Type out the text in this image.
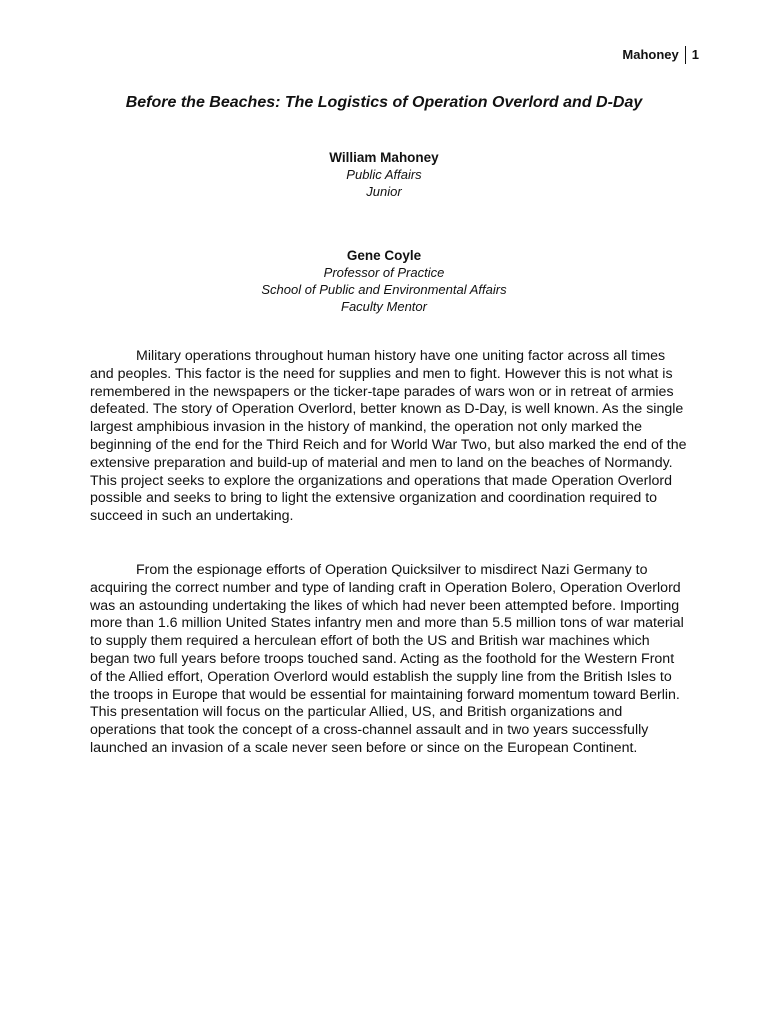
Mahoney	1
Before the Beaches: The Logistics of Operation Overlord and D-Day
William Mahoney
Public Affairs
Junior
Gene Coyle
Professor of Practice
School of Public and Environmental Affairs
Faculty Mentor

Military operations throughout human history have one uniting factor across all times and peoples. This factor is the need for supplies and men to fight. However this is not what is remembered in the newspapers or the ticker-tape parades of wars won or in retreat of armies defeated. The story of Operation Overlord, better known as D-Day, is well known. As the single largest amphibious invasion in the history of mankind, the operation not only marked the beginning of the end for the Third Reich and for World War Two, but also marked the end of the extensive preparation and build-up of material and men to land on the beaches of Normandy. This project seeks to explore the organizations and operations that made Operation Overlord possible and seeks to bring to light the extensive organization and coordination required to succeed in such an undertaking.

From the espionage efforts of Operation Quicksilver to misdirect Nazi Germany to acquiring the correct number and type of landing craft in Operation Bolero, Operation Overlord was an astounding undertaking the likes of which had never been attempted before. Importing more than 1.6 million United States infantry men and more than 5.5 million tons of war material to supply them required a herculean effort of both the US and British war machines which began two full years before troops touched sand. Acting as the foothold for the Western Front of the Allied effort, Operation Overlord would establish the supply line from the British Isles to the troops in Europe that would be essential for maintaining forward momentum toward Berlin. This presentation will focus on the particular Allied, US, and British organizations and operations that took the concept of a cross-channel assault and in two years successfully launched an invasion of a scale never seen before or since on the European Continent.
